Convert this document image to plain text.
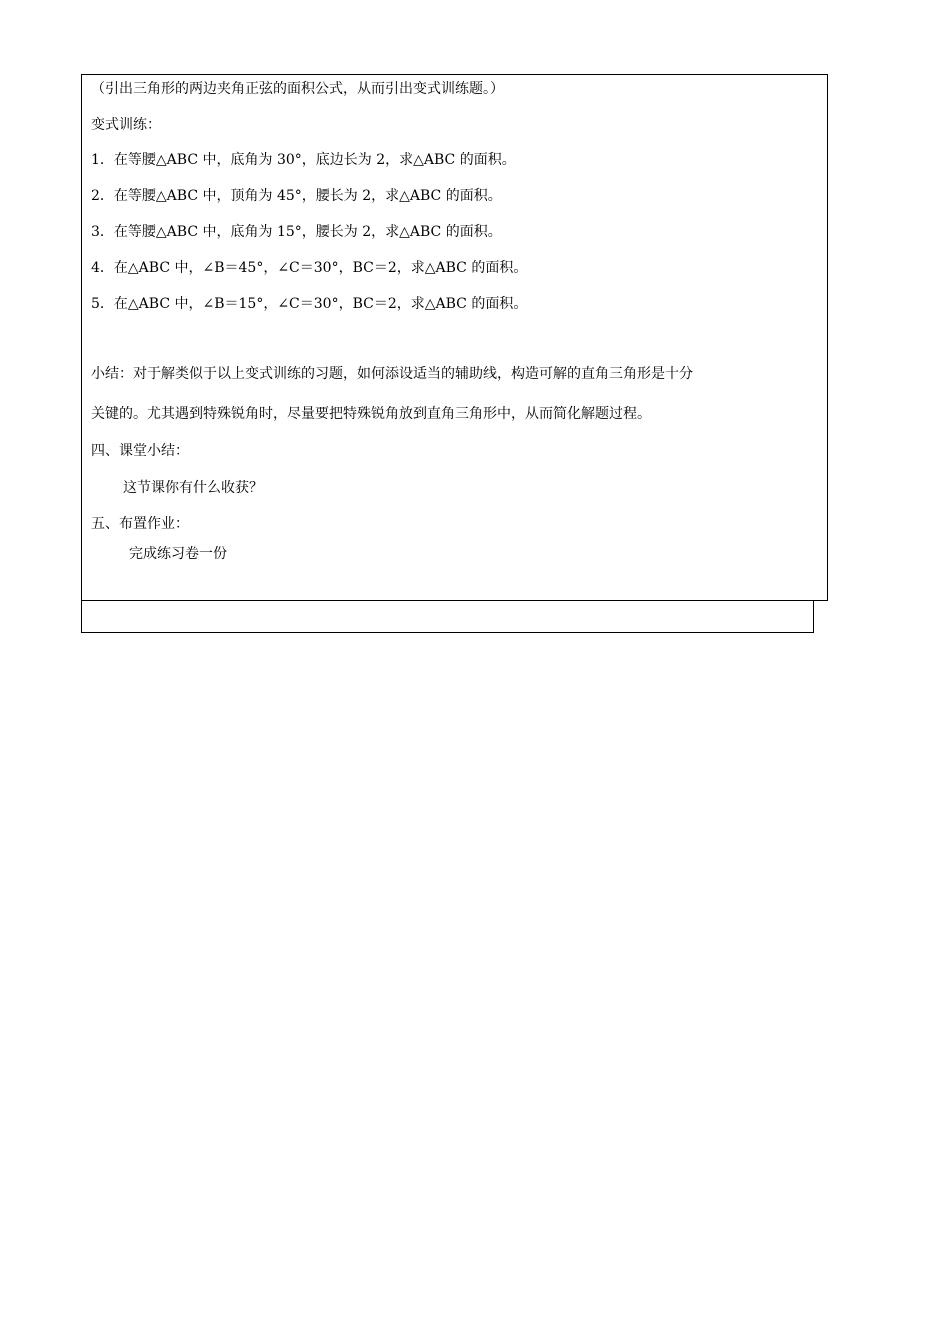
（引出三角形的两边夹角正弦的面积公式，从而引出变式训练题。）
变式训练：
1．在等腰△ABC 中，底角为 30°，底边长为 2，求△ABC 的面积。
2．在等腰△ABC 中，顶角为 45°，腰长为 2，求△ABC 的面积。
3．在等腰△ABC 中，底角为 15°，腰长为 2，求△ABC 的面积。
4．在△ABC 中，∠B＝45°，∠C＝30°，BC＝2，求△ABC 的面积。
5．在△ABC 中，∠B＝15°，∠C＝30°，BC＝2，求△ABC 的面积。
小结：对于解类似于以上变式训练的习题，如何添设适当的辅助线，构造可解的直角三角形是十分
关键的。尤其遇到特殊锐角时，尽量要把特殊锐角放到直角三角形中，从而简化解题过程。
四、课堂小结：
这节课你有什么收获？
五、布置作业：
完成练习卷一份
